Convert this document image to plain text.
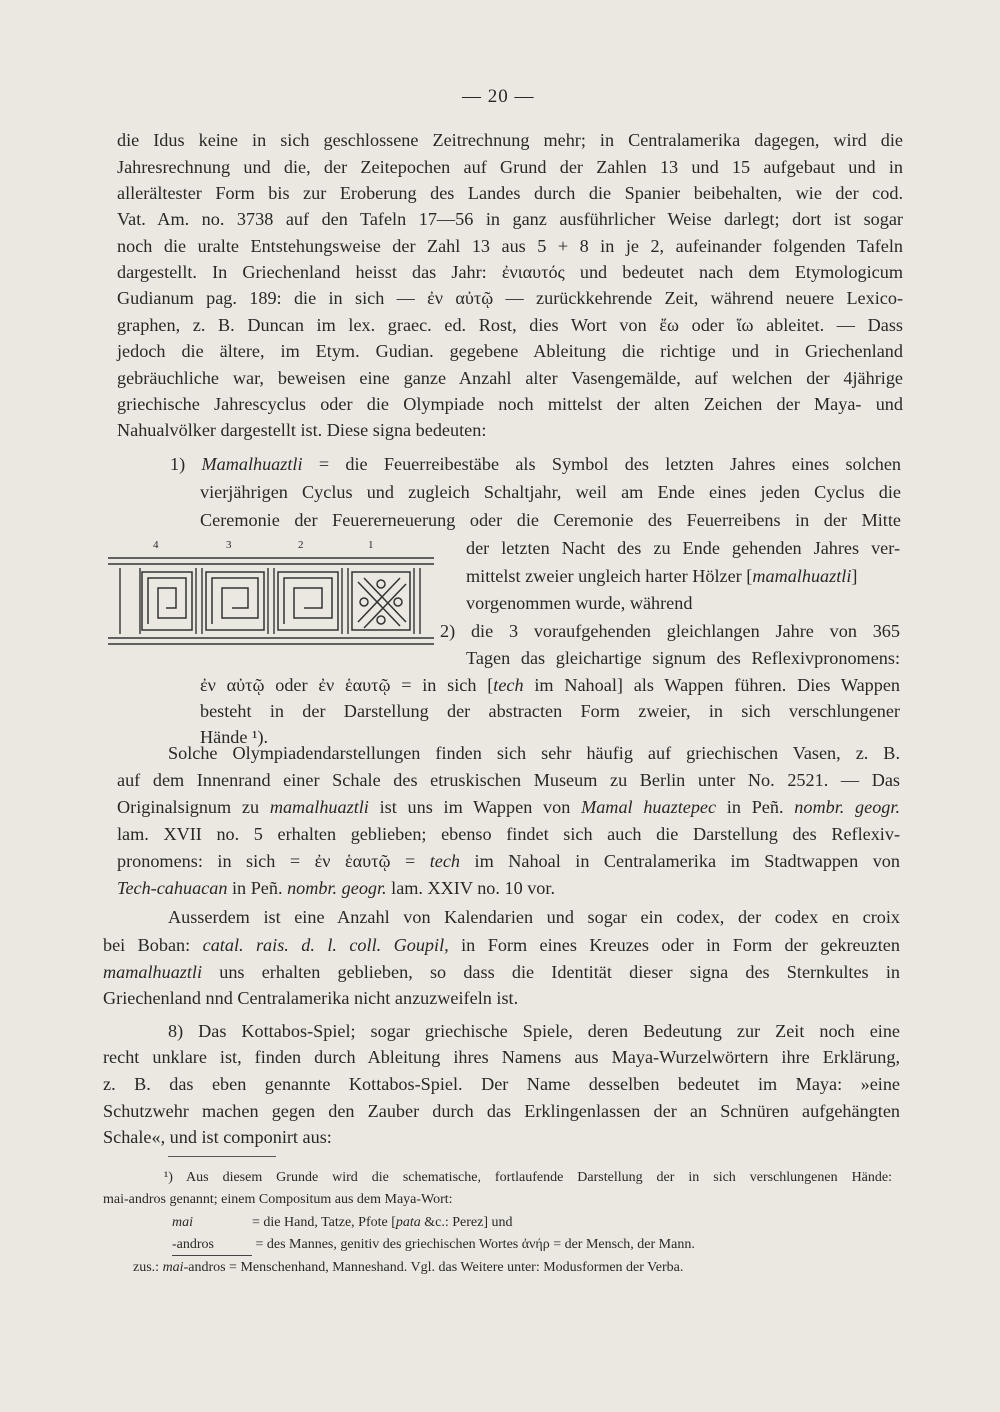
— 20 —
die Idus keine in sich geschlossene Zeitrechnung mehr; in Centralamerika dagegen, wird die
Jahresrechnung und die, der Zeitepochen auf Grund der Zahlen 13 und 15 aufgebaut und in
allerältester Form bis zur Eroberung des Landes durch die Spanier beibehalten, wie der cod.
Vat. Am. no. 3738 auf den Tafeln 17—56 in ganz ausführlicher Weise darlegt; dort ist sogar
noch die uralte Entstehungsweise der Zahl 13 aus 5 + 8 in je 2, aufeinander folgenden Tafeln
dargestellt. In Griechenland heisst das Jahr: ἐνιαυτός und bedeutet nach dem Etymologicum
Gudianum pag. 189: die in sich — ἐν αὐτῷ — zurückkehrende Zeit, während neuere Lexico-
graphen, z. B. Duncan im lex. graec. ed. Rost, dies Wort von ἔω oder ἴω ableitet. — Dass
jedoch die ältere, im Etym. Gudian. gegebene Ableitung die richtige und in Griechenland
gebräuchliche war, beweisen eine ganze Anzahl alter Vasengemälde, auf welchen der 4jährige
griechische Jahrescyclus oder die Olympiade noch mittelst der alten Zeichen der Maya- und
Nahualvölker dargestellt ist. Diese signa bedeuten:
1) Mamalhuaztli = die Feuerreibestäbe als Symbol des letzten Jahres eines solchen
vierjährigen Cyclus und zugleich Schaltjahr, weil am Ende eines jeden Cyclus die
Ceremonie der Feuererneuerung oder die Ceremonie des Feuerreibens in der Mitte
der letzten Nacht des zu Ende gehenden Jahres ver-
mittelst zweier ungleich harter Hölzer [mamalhuaztli]
vorgenommen wurde, während
4	3	2	1
2) die 3 voraufgehenden gleichlangen Jahre von 365
Tagen das gleichartige signum des Reflexivpronomens:
ἐν αὐτῷ oder ἐν ἑαυτῷ = in sich [tech im Nahoal] als Wappen führen. Dies Wappen
besteht in der Darstellung der abstracten Form zweier, in sich verschlungener
Hände ¹).
Solche Olympiadendarstellungen finden sich sehr häufig auf griechischen Vasen, z. B.
auf dem Innenrand einer Schale des etruskischen Museum zu Berlin unter No. 2521. — Das
Originalsignum zu mamalhuaztli ist uns im Wappen von Mamal huaztepec in Peñ. nombr. geogr.
lam. XVII no. 5 erhalten geblieben; ebenso findet sich auch die Darstellung des Reflexiv-
pronomens: in sich = ἐν ἑαυτῷ = tech im Nahoal in Centralamerika im Stadtwappen von
Tech-cahuacan in Peñ. nombr. geogr. lam. XXIV no. 10 vor.
Ausserdem ist eine Anzahl von Kalendarien und sogar ein codex, der codex en croix
bei Boban: catal. rais. d. l. coll. Goupil, in Form eines Kreuzes oder in Form der gekreuzten
mamalhuaztli uns erhalten geblieben, so dass die Identität dieser signa des Sternkultes in
Griechenland nnd Centralamerika nicht anzuzweifeln ist.
8) Das Kottabos-Spiel; sogar griechische Spiele, deren Bedeutung zur Zeit noch eine
recht unklare ist, finden durch Ableitung ihres Namens aus Maya-Wurzelwörtern ihre Erklärung,
z. B. das eben genannte Kottabos-Spiel. Der Name desselben bedeutet im Maya: »eine
Schutzwehr machen gegen den Zauber durch das Erklingenlassen der an Schnüren aufgehängten
Schale«, und ist componirt aus:
¹) Aus diesem Grunde wird die schematische, fortlaufende Darstellung der in sich verschlungenen Hände:
mai-andros genannt; einem Compositum aus dem Maya-Wort:
mai	= die Hand, Tatze, Pfote [pata &c.: Perez] und
-andros	= des Mannes, genitiv des griechischen Wortes ἀνήρ = der Mensch, der Mann.
zus.: mai-andros = Menschenhand, Manneshand. Vgl. das Weitere unter: Modusformen der Verba.
